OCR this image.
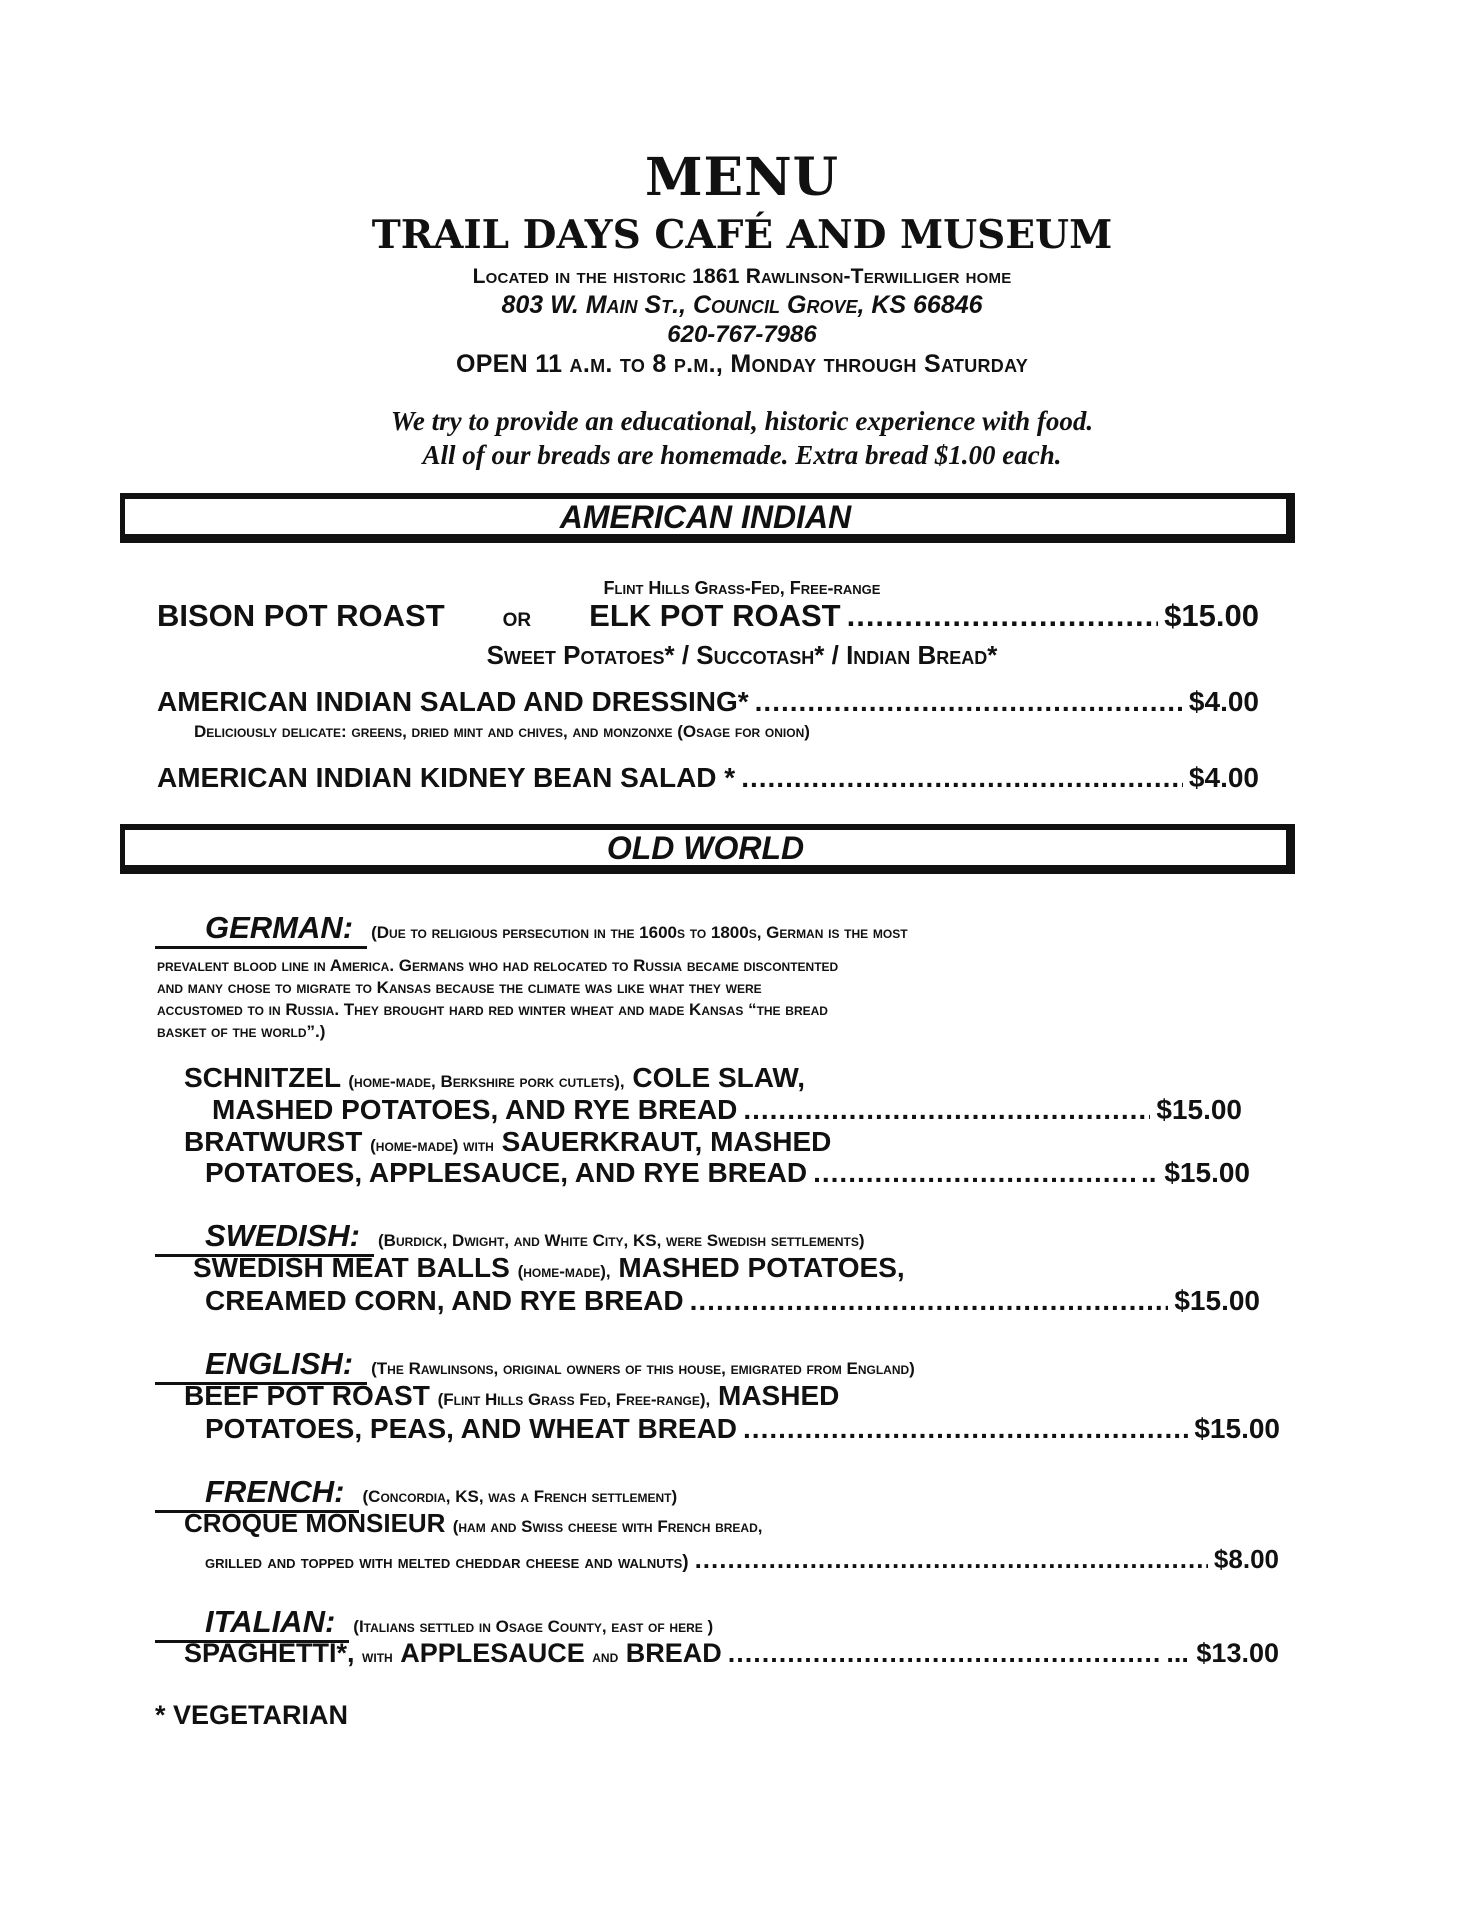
MENU
TRAIL DAYS CAFÉ AND MUSEUM
Located in the historic 1861 Rawlinson-Terwilliger home
803 W. Main St., Council Grove, KS 66846
620-767-7986
OPEN 11 a.m. to 8 p.m., Monday through Saturday
We try to provide an educational, historic experience with food.
All of our breads are homemade. Extra bread $1.00 each.
AMERICAN INDIAN
Flint Hills Grass-Fed, Free-range
BISON POT ROAST or ELK POT ROAST .....	$15.00
Sweet Potatoes* / Succotash* / Indian Bread*
AMERICAN INDIAN SALAD AND DRESSING* .....	$4.00
Deliciously delicate: greens, dried mint and chives, and monzonxe (Osage for onion)
AMERICAN INDIAN KIDNEY BEAN SALAD * .....	$4.00
OLD WORLD
GERMAN:	(Due to religious persecution in the 1600s to 1800s, German is the most
prevalent blood line in America. Germans who had relocated to Russia became discontented
and many chose to migrate to Kansas because the climate was like what they were
accustomed to in Russia. They brought hard red winter wheat and made Kansas “the bread
basket of the world”.)
SCHNITZEL (home-made, Berkshire pork cutlets), COLE SLAW,
MASHED POTATOES, AND RYE BREAD .....	$15.00
BRATWURST (home-made) with SAUERKRAUT, MASHED
POTATOES, APPLESAUCE, AND RYE BREAD .....	.. $15.00
SWEDISH:	(Burdick, Dwight, and White City, KS, were Swedish settlements)
SWEDISH MEAT BALLS (home-made), MASHED POTATOES,
CREAMED CORN, AND RYE BREAD .....	$15.00
ENGLISH:	(The Rawlinsons, original owners of this house, emigrated from England)
BEEF POT ROAST (Flint Hills Grass Fed, Free-range), MASHED
POTATOES, PEAS, AND WHEAT BREAD .....	$15.00
FRENCH:	(Concordia, KS, was a French settlement)
CROQUE MONSIEUR (ham and Swiss cheese with French bread,
grilled and topped with melted cheddar cheese and walnuts) .....	$8.00
ITALIAN:	(Italians settled in Osage County, east of here )
SPAGHETTI*,
with
APPLESAUCE
and
BREAD .....	... $13.00
* VEGETARIAN
